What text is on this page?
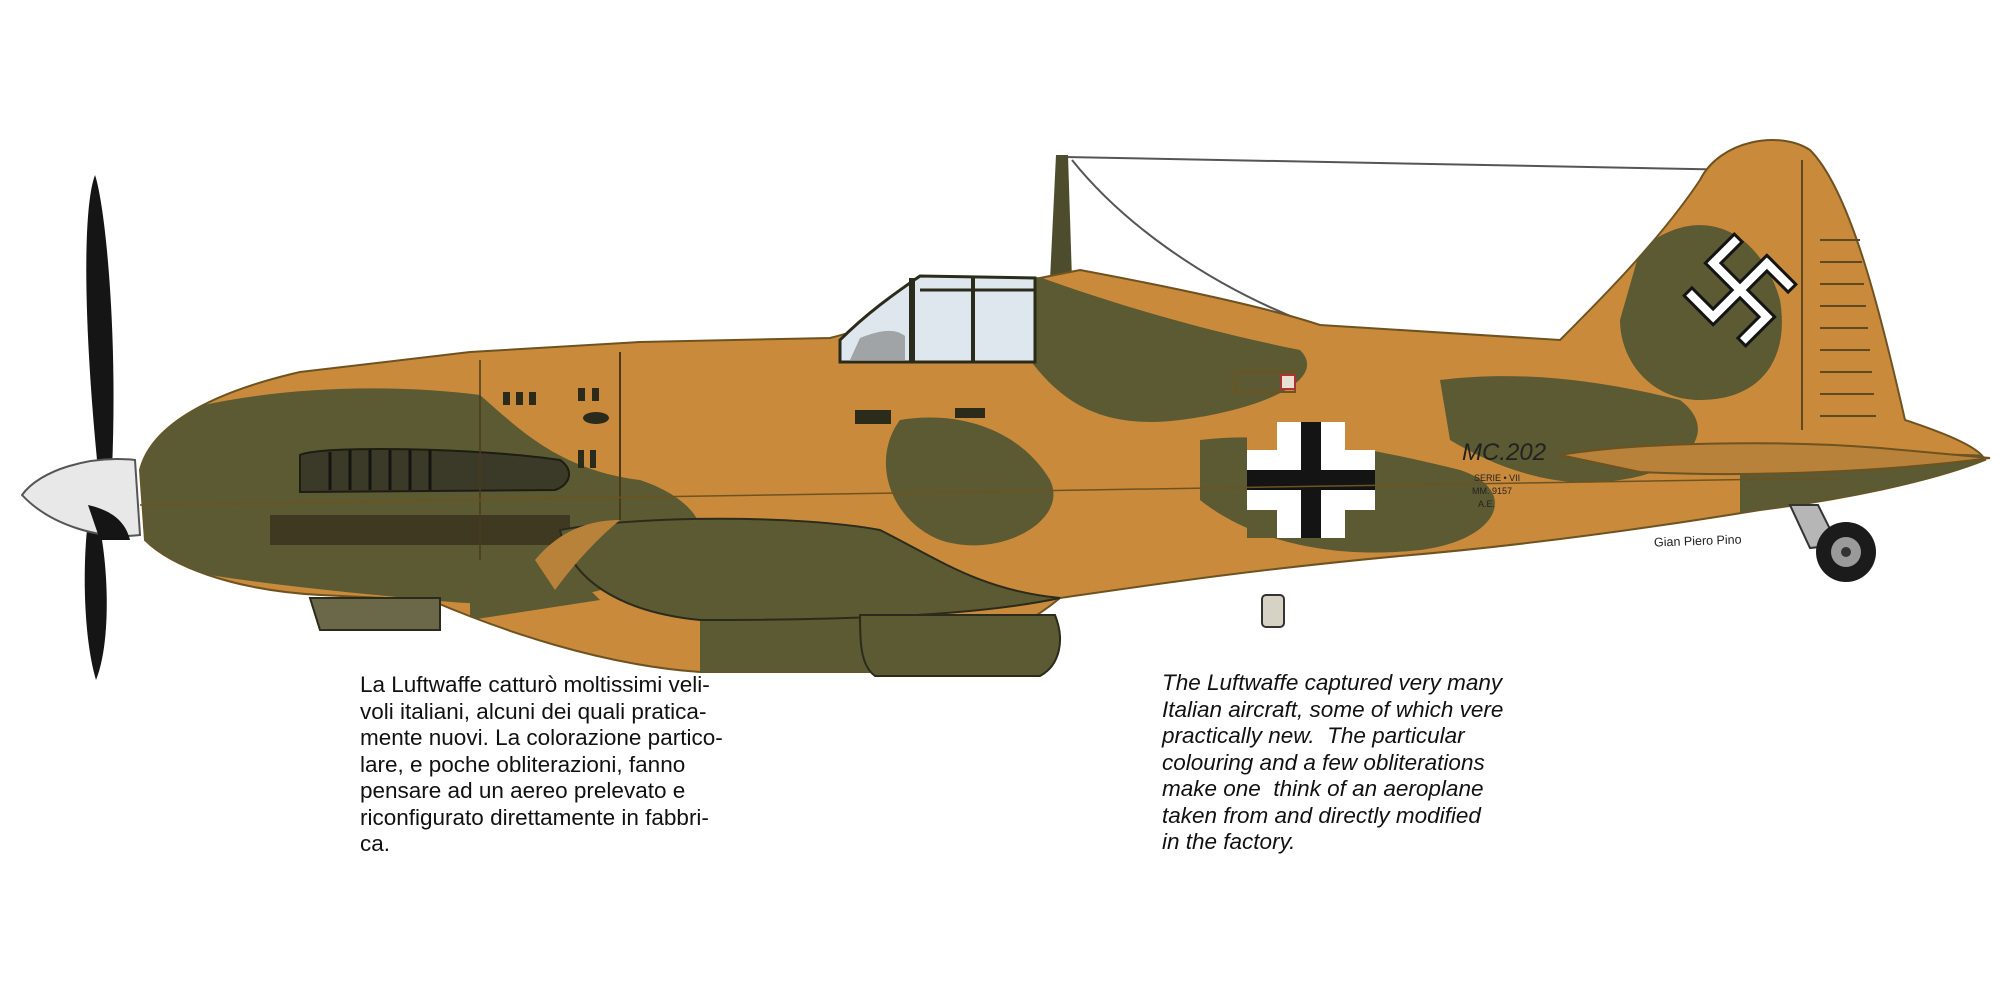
MC.202
SERIE • VII
MM. 9157
A.E.
Gian Piero Pino
La Luftwaffe catturò moltissimi veli-
voli italiani, alcuni dei quali pratica-
mente nuovi. La colorazione partico-
lare, e poche obliterazioni, fanno
pensare ad un aereo prelevato e
riconfigurato direttamente in fabbri-
ca.
The Luftwaffe captured very many
Italian aircraft, some of which vere
practically new.  The particular
colouring and a few obliterations
make one  think of an aeroplane
taken from and directly modified
in the factory.
